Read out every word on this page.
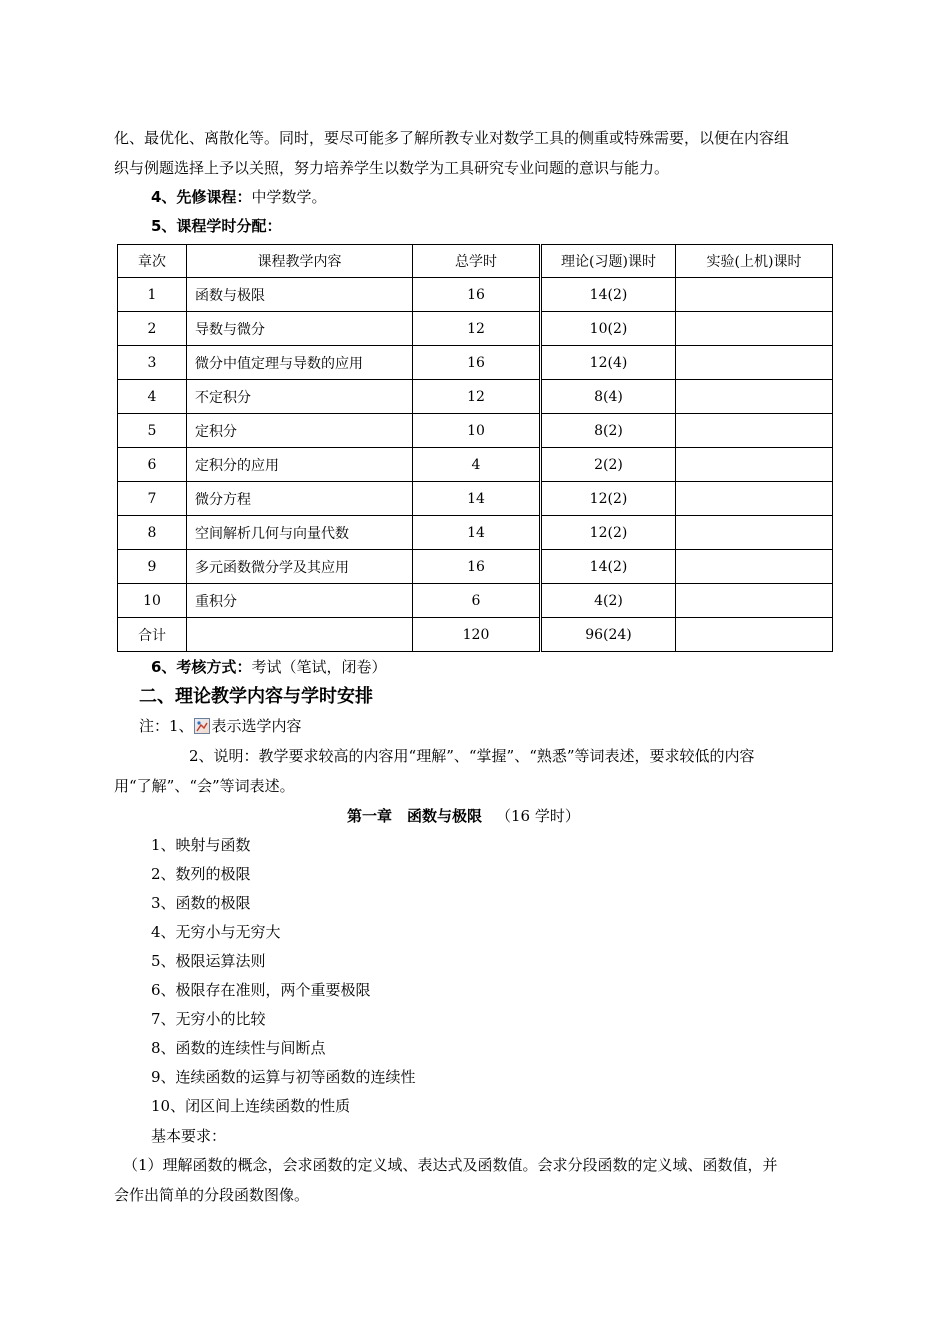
化、最优化、离散化等。同时，要尽可能多了解所教专业对数学工具的侧重或特殊需要，以便在内容组
织与例题选择上予以关照，努力培养学生以数学为工具研究专业问题的意识与能力。
4、先修课程：中学数学。
5、课程学时分配：
章次	课程教学内容	总学时	理论(习题)课时	实验(上机)课时
1	函数与极限	16	14(2)	
2	导数与微分	12	10(2)	
3	微分中值定理与导数的应用	16	12(4)	
4	不定积分	12	8(4)	
5	定积分	10	8(2)	
6	定积分的应用	4	2(2)	
7	微分方程	14	12(2)	
8	空间解析几何与向量代数	14	12(2)	
9	多元函数微分学及其应用	16	14(2)	
10	重积分	6	4(2)	
合计		120	96(24)	
6、考核方式：考试（笔试，闭卷）
二、理论教学内容与学时安排
注：1、 表示选学内容
2、说明：教学要求较高的内容用“理解”、“掌握”、“熟悉”等词表述，要求较低的内容
用“了解”、“会”等词表述。
第一章　函数与极限 （16 学时）
1、映射与函数
2、数列的极限
3、函数的极限
4、无穷小与无穷大
5、极限运算法则
6、极限存在准则，两个重要极限
7、无穷小的比较
8、函数的连续性与间断点
9、连续函数的运算与初等函数的连续性
10、闭区间上连续函数的性质
基本要求：
（1）理解函数的概念，会求函数的定义域、表达式及函数值。会求分段函数的定义域、函数值，并
会作出简单的分段函数图像。
